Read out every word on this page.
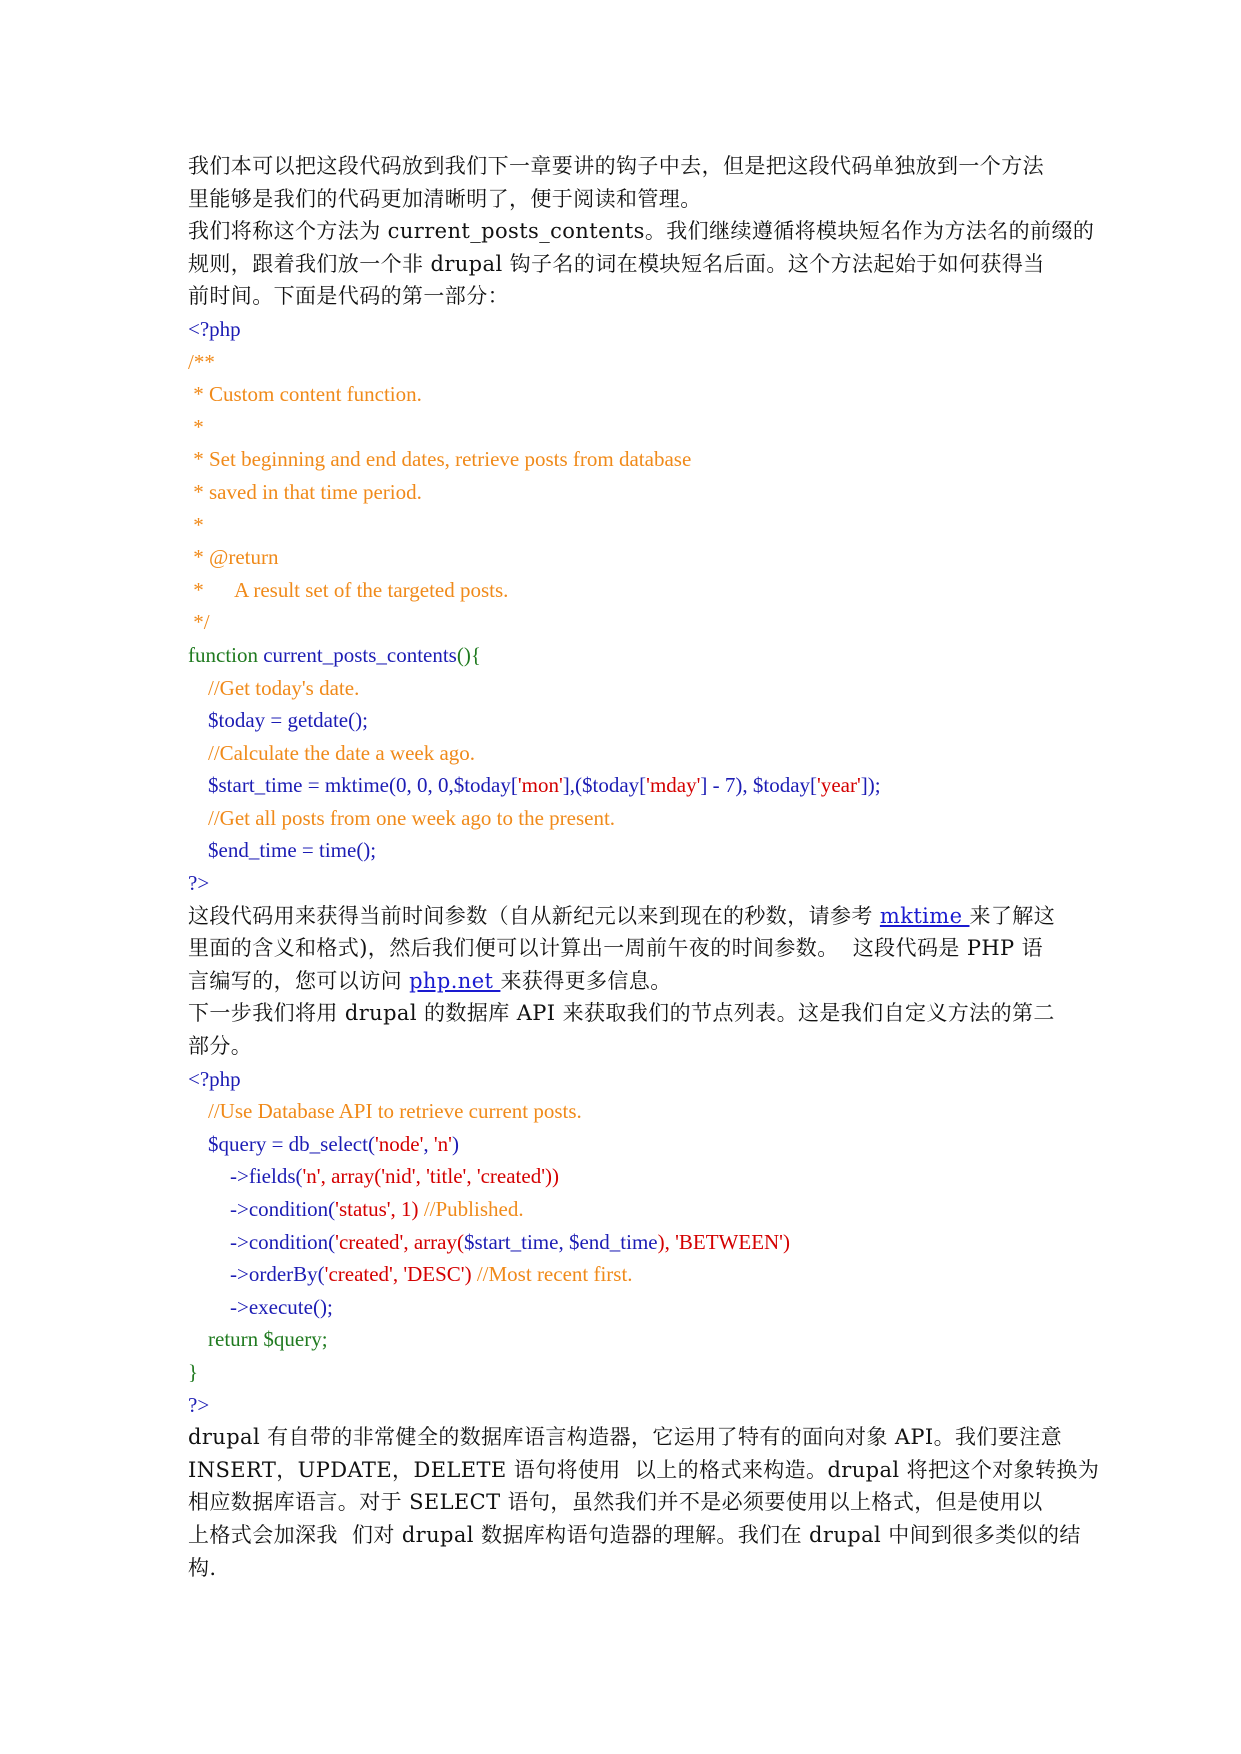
我们本可以把这段代码放到我们下一章要讲的钩子中去，但是把这段代码单独放到一个方法
里能够是我们的代码更加清晰明了，便于阅读和管理。
我们将称这个方法为 current_posts_contents。我们继续遵循将模块短名作为方法名的前缀的
规则，跟着我们放一个非 drupal 钩子名的词在模块短名后面。这个方法起始于如何获得当
前时间。下面是代码的第一部分：
<?php
/**
* Custom content function.
*
* Set beginning and end dates, retrieve posts from database
* saved in that time period.
*
* @return
*      A result set of the targeted posts.
*/
function current_posts_contents(){
//Get today's date.
$today = getdate();
//Calculate the date a week ago.
$start_time = mktime(0, 0, 0,$today['mon'],($today['mday'] - 7), $today['year']);
//Get all posts from one week ago to the present.
$end_time = time();
?>
这段代码用来获得当前时间参数（自从新纪元以来到现在的秒数，请参考 mktime 来了解这
里面的含义和格式)，然后我们便可以计算出一周前午夜的时间参数。  这段代码是 PHP 语
言编写的，您可以访问 php.net 来获得更多信息。
下一步我们将用 drupal 的数据库 API 来获取我们的节点列表。这是我们自定义方法的第二
部分。
<?php
//Use Database API to retrieve current posts.
$query = db_select('node', 'n')
->fields('n', array('nid', 'title', 'created'))
->condition('status', 1) //Published.
->condition('created', array($start_time, $end_time), 'BETWEEN')
->orderBy('created', 'DESC') //Most recent first.
->execute();
return $query;
}
?>
drupal 有自带的非常健全的数据库语言构造器，它运用了特有的面向对象 API。我们要注意
INSERT，UPDATE，DELETE 语句将使用  以上的格式来构造。drupal 将把这个对象转换为
相应数据库语言。对于 SELECT 语句，虽然我们并不是必须要使用以上格式，但是使用以
上格式会加深我  们对 drupal 数据库构语句造器的理解。我们在 drupal 中间到很多类似的结
构.
